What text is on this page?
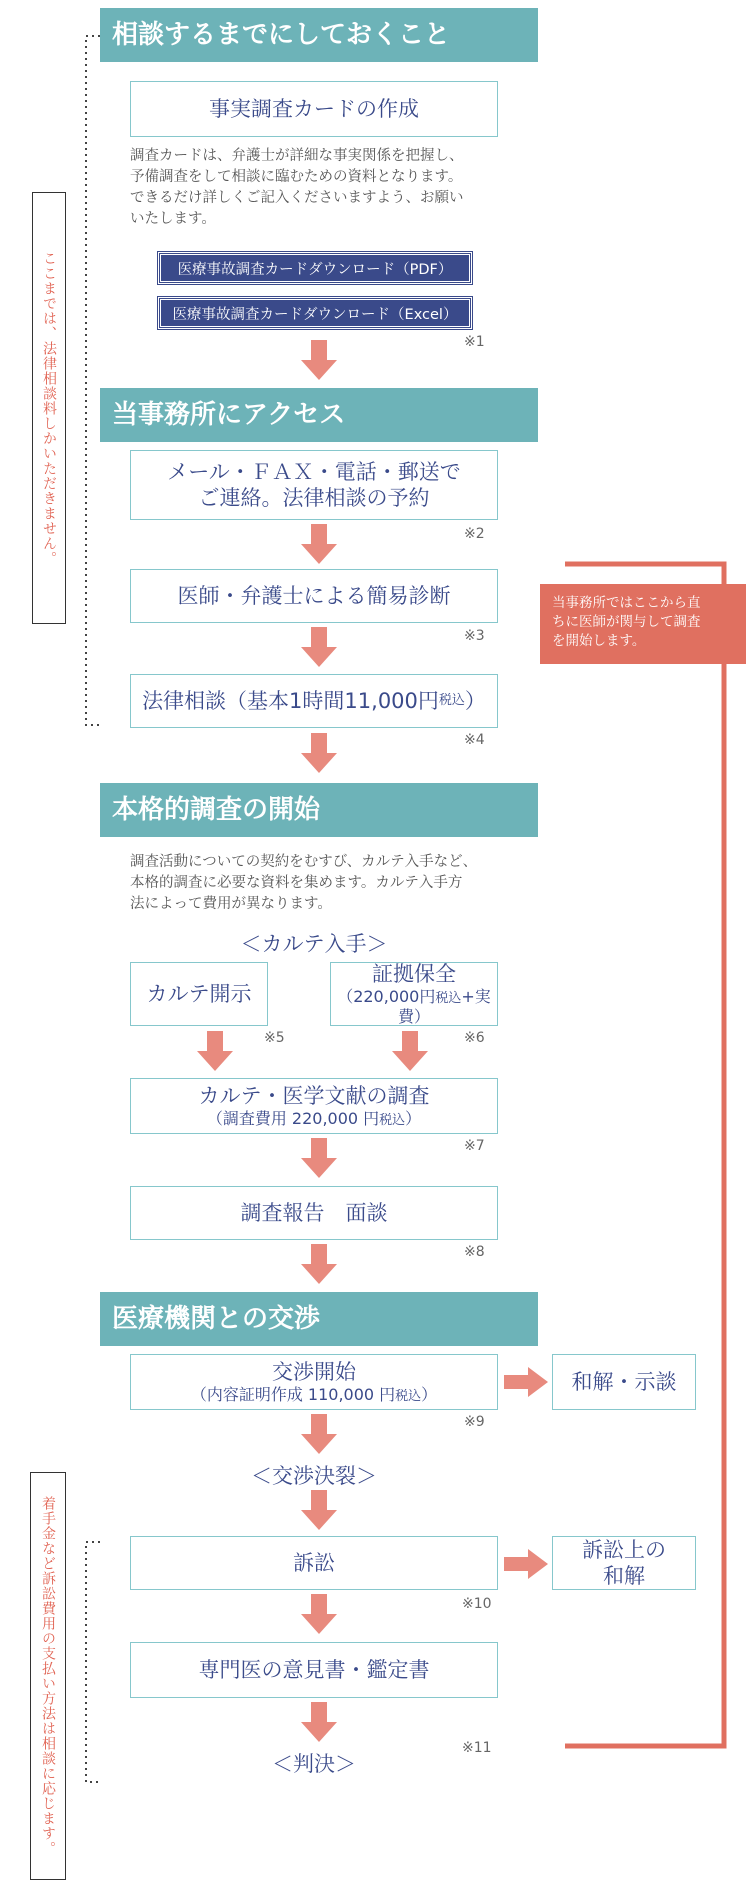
ここまでは、法律相談料しかいただきません。
着手金など訴訟費用の支払い方法は相談に応じます。
当事務所ではここから直
ちに医師が関与して調査
を開始します。
相談するまでにしておくこと
事実調査カードの作成
調査カードは、弁護士が詳細な事実関係を把握し、
予備調査をして相談に臨むための資料となります。
できるだけ詳しくご記入くださいますよう、お願い
いたします。
医療事故調査カードダウンロード（PDF）
医療事故調査カードダウンロード（Excel）
※1
当事務所にアクセス
メール・ＦＡＸ・電話・郵送で
ご連絡。法律相談の予約
※2
医師・弁護士による簡易診断
※3
法律相談（基本1時間11,000円 税込 ）
※4
本格的調査の開始
調査活動についての契約をむすび、カルテ入手など、
本格的調査に必要な資料を集めます。カルテ入手方
法によって費用が異なります。
＜カルテ入手＞
カルテ開示
証拠保全
（220,000円税込+実費）
※5	※6
カルテ・医学文献の調査
（調査費用 220,000 円税込）
※7
調査報告　面談
※8
医療機関との交渉
交渉開始
（内容証明作成 110,000 円税込）
和解・示談
※9
＜交渉決裂＞
訴訟
訴訟上の
和解
※10
専門医の意見書・鑑定書
※11
＜判決＞
